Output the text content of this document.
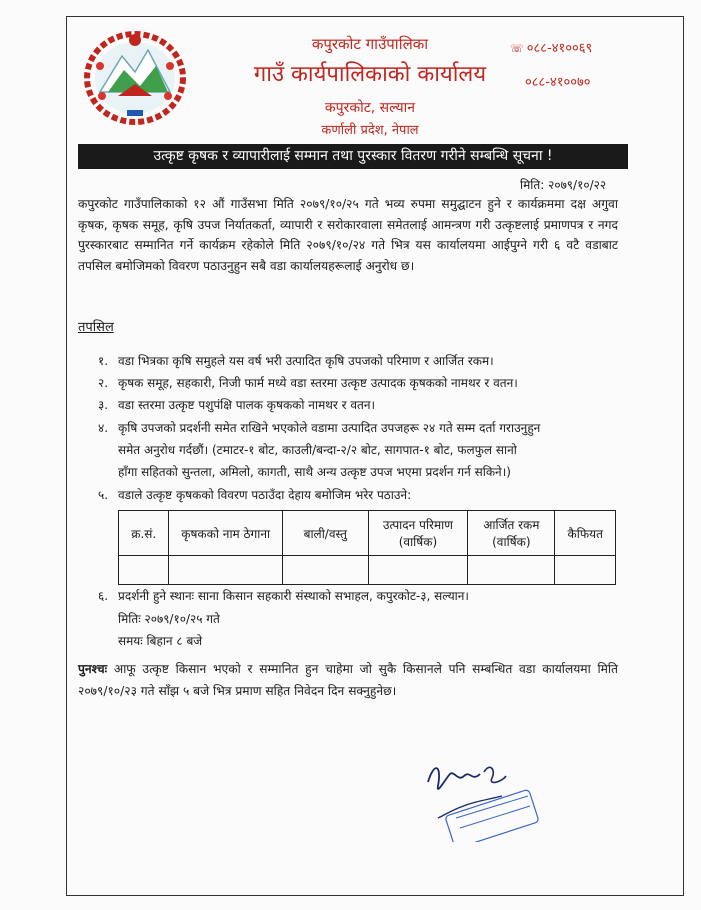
कपुरकोट गाउँपालिका
गाउँ कार्यपालिकाको कार्यालय
कपुरकोट, सल्यान
कर्णाली प्रदेश, नेपाल
☏ ०८८-४१००६९
०८८-४१००७०
उत्कृष्ट कृषक र व्यापारीलाई सम्मान तथा पुरस्कार वितरण गरीने सम्बन्धि सूचना !
मिति: २०७९/१०/२२
कपुरकोट गाउँपालिकाको १२ औं गाउँसभा मिति २०७९/१०/२५ गते भव्य रुपमा समुद्घाटन हुने र कार्यक्रममा दक्ष अगुवा कृषक, कृषक समूह, कृषि उपज निर्यातकर्ता, व्यापारी र सरोकारवाला समेतलाई आमन्त्रण गरी उत्कृष्टलाई प्रमाणपत्र र नगद पुरस्कारबाट सम्मानित गर्ने कार्यक्रम रहेकोले मिति २०७९/१०/२४ गते भित्र यस कार्यालयमा आईपुग्ने गरी ६ वटै वडाबाट तपसिल बमोजिमको विवरण पठाउनुहुन सबै वडा कार्यालयहरूलाई अनुरोध छ।
तपसिल
१. वडा भित्रका कृषि समुहले यस वर्ष भरी उत्पादित कृषि उपजको परिमाण र आर्जित रकम।
२. कृषक समूह, सहकारी, निजी फार्म मध्ये वडा स्तरमा उत्कृष्ट उत्पादक कृषकको नामथर र वतन।
३. वडा स्तरमा उत्कृष्ट पशुपंक्षि पालक कृषकको नामथर र वतन।
४. कृषि उपजको प्रदर्शनी समेत राखिने भएकोले वडामा उत्पादित उपजहरू २४ गते सम्म दर्ता गराउनुहुन
समेत अनुरोध गर्दछौं। (टमाटर-१ बोट, काउली/बन्दा-२/२ बोट, सागपात-१ बोट, फलफुल सानो
हाँगा सहितको सुन्तला, अमिलो, कागती, साथै अन्य उत्कृष्ट उपज भएमा प्रदर्शन गर्न सकिने।)
५. वडाले उत्कृष्ट कृषकको विवरण पठाउँदा देहाय बमोजिम भरेर पठाउने:
क्र.सं.	कृषकको नाम ठेगाना	बाली/वस्तु	उत्पादन परिमाण (वार्षिक)	आर्जित रकम (वार्षिक)	कैफियत

६. प्रदर्शनी हुने स्थानः साना किसान सहकारी संस्थाको सभाहल, कपुरकोट-३, सल्यान।
मितिः २०७९/१०/२५ गते
समयः बिहान ८ बजे
पुनश्चः आफू उत्कृष्ट किसान भएको र सम्मानित हुन चाहेमा जो सुकै किसानले पनि सम्बन्धित वडा कार्यालयमा मिति २०७९/१०/२३ गते साँझ ५ बजे भित्र प्रमाण सहित निवेदन दिन सक्नुहुनेछ।
